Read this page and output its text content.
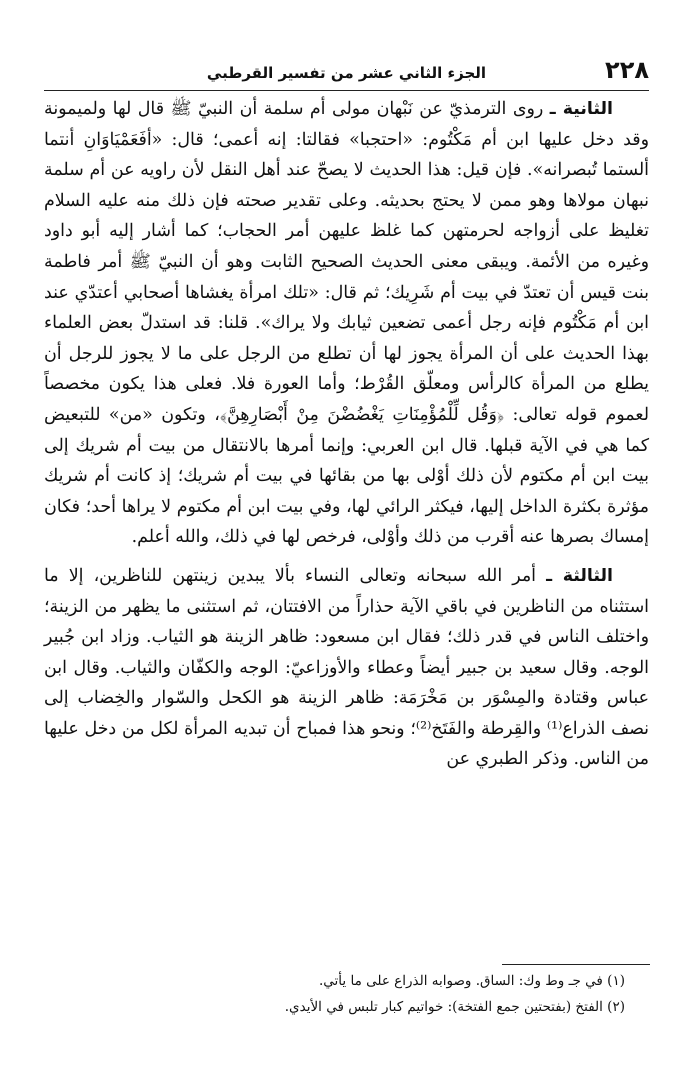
٢٢٨
الجزء الثاني عشر من تفسير القرطبي

الثانية ـ روى الترمذيّ عن نَبْهان مولى أم سلمة أن النبيّ ﷺ قال لها ولميمونة وقد دخل عليها ابن أم مَكْتُوم: «احتجبا» فقالتا: إنه أعمى؛ قال: «أفَعَمْيَاوَانِ أنتما ألستما تُبصرانه». فإن قيل: هذا الحديث لا يصحّ عند أهل النقل لأن راويه عن أم سلمة نبهان مولاها وهو ممن لا يحتج بحديثه. وعلى تقدير صحته فإن ذلك منه عليه السلام تغليظ على أزواجه لحرمتهن كما غلظ عليهن أمر الحجاب؛ كما أشار إليه أبو داود وغيره من الأئمة. ويبقى معنى الحديث الصحيح الثابت وهو أن النبيّ ﷺ أمر فاطمة بنت قيس أن تعتدّ في بيت أم شَرِيك؛ ثم قال: «تلك امرأة يغشاها أصحابي أعتدّي عند ابن أم مَكْتُوم فإنه رجل أعمى تضعين ثيابك ولا يراك». قلنا: قد استدلّ بعض العلماء بهذا الحديث على أن المرأة يجوز لها أن تطلع من الرجل على ما لا يجوز للرجل أن يطلع من المرأة كالرأس ومعلّق القُرْط؛ وأما العورة فلا. فعلى هذا يكون مخصصاً لعموم قوله تعالى: ﴿وَقُل لِّلْمُؤْمِنَاتِ يَغْضُضْنَ مِنْ أَبْصَارِهِنَّ﴾، وتكون «من» للتبعيض كما هي في الآية قبلها. قال ابن العربي: وإنما أمرها بالانتقال من بيت أم شريك إلى بيت ابن أم مكتوم لأن ذلك أوْلى بها من بقائها في بيت أم شريك؛ إذ كانت أم شريك مؤثرة بكثرة الداخل إليها، فيكثر الرائي لها، وفي بيت ابن أم مكتوم لا يراها أحد؛ فكان إمساك بصرها عنه أقرب من ذلك وأوْلى، فرخص لها في ذلك، والله أعلم.

الثالثة ـ أمر الله سبحانه وتعالى النساء بألا يبدين زينتهن للناظرين، إلا ما استثناه من الناظرين في باقي الآية حذاراً من الافتتان، ثم استثنى ما يظهر من الزينة؛ واختلف الناس في قدر ذلك؛ فقال ابن مسعود: ظاهر الزينة هو الثياب. وزاد ابن جُبير الوجه. وقال سعيد بن جبير أيضاً وعطاء والأوزاعيّ: الوجه والكفّان والثياب. وقال ابن عباس وقتادة والمِسْوَر بن مَخْرَمَة: ظاهر الزينة هو الكحل والسّوار والخِضاب إلى نصف الذراع⁽¹⁾ والقِرطة والفَتَخ⁽²⁾؛ ونحو هذا فمباح أن تبديه المرأة لكل من دخل عليها من الناس. وذكر الطبري عن

(١) في جـ وط وك: الساق. وصوابه الذراع على ما يأتي.

(٢) الفتخ (بفتحتين جمع الفتخة): خواتيم كبار تلبس في الأيدي.
